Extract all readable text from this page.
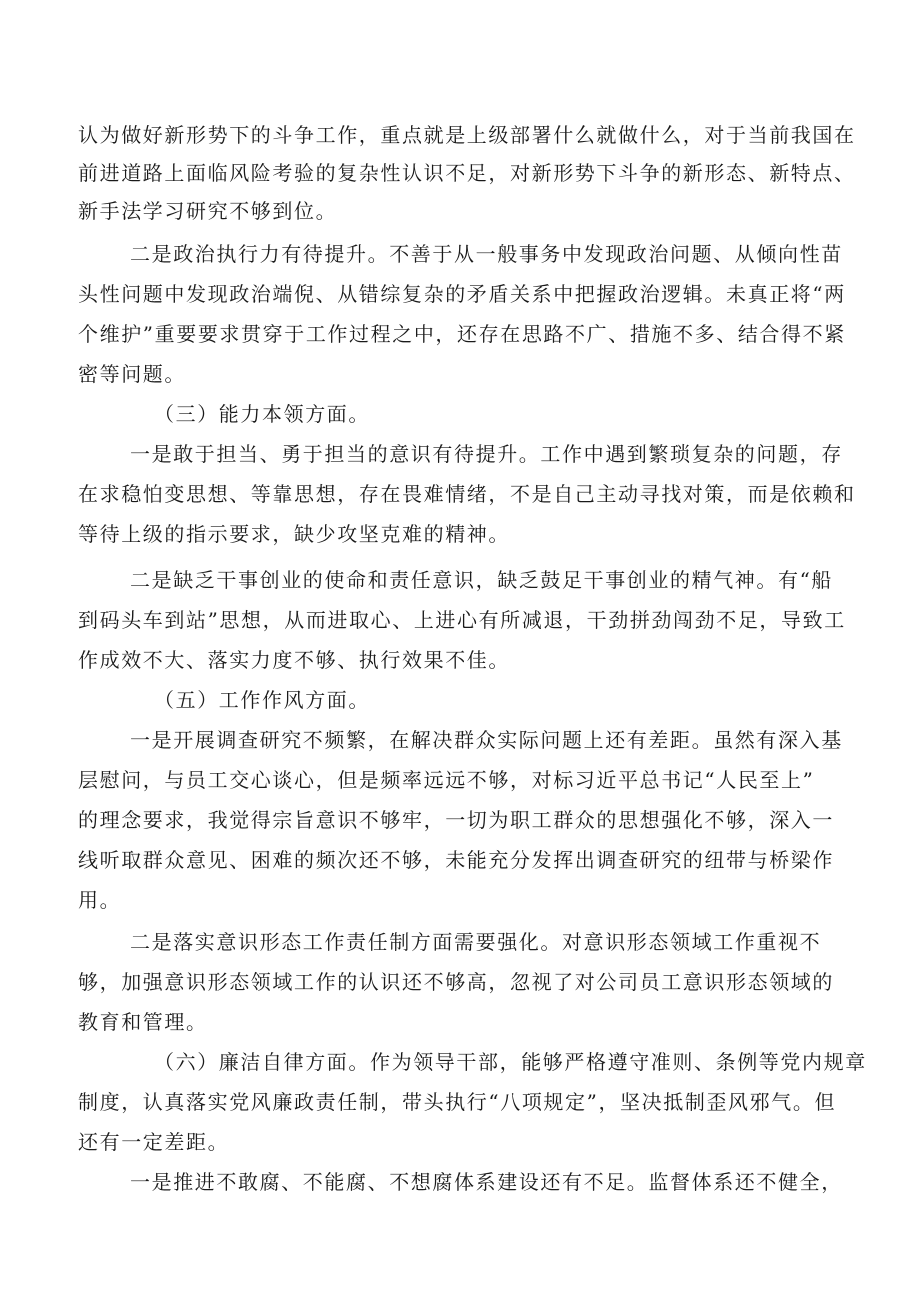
认为做好新形势下的斗争工作，重点就是上级部署什么就做什么，对于当前我国在

前进道路上面临风险考验的复杂性认识不足，对新形势下斗争的新形态、新特点、

新手法学习研究不够到位。

二是政治执行力有待提升。不善于从一般事务中发现政治问题、从倾向性苗

头性问题中发现政治端倪、从错综复杂的矛盾关系中把握政治逻辑。未真正将“两

个维护”重要要求贯穿于工作过程之中，还存在思路不广、措施不多、结合得不紧

密等问题。

（三）能力本领方面。

一是敢于担当、勇于担当的意识有待提升。工作中遇到繁琐复杂的问题，存

在求稳怕变思想、等靠思想，存在畏难情绪，不是自己主动寻找对策，而是依赖和

等待上级的指示要求，缺少攻坚克难的精神。

二是缺乏干事创业的使命和责任意识，缺乏鼓足干事创业的精气神。有“船

到码头车到站”思想，从而进取心、上进心有所减退，干劲拼劲闯劲不足，导致工

作成效不大、落实力度不够、执行效果不佳。

（五）工作作风方面。

一是开展调查研究不频繁，在解决群众实际问题上还有差距。虽然有深入基

层慰问，与员工交心谈心，但是频率远远不够，对标习近平总书记“人民至上”

的理念要求，我觉得宗旨意识不够牢，一切为职工群众的思想强化不够，深入一

线听取群众意见、困难的频次还不够，未能充分发挥出调查研究的纽带与桥梁作

用。

二是落实意识形态工作责任制方面需要强化。对意识形态领域工作重视不

够，加强意识形态领域工作的认识还不够高，忽视了对公司员工意识形态领域的

教育和管理。

（六）廉洁自律方面。作为领导干部，能够严格遵守准则、条例等党内规章

制度，认真落实党风廉政责任制，带头执行“八项规定”，坚决抵制歪风邪气。但

还有一定差距。

一是推进不敢腐、不能腐、不想腐体系建设还有不足。监督体系还不健全，
